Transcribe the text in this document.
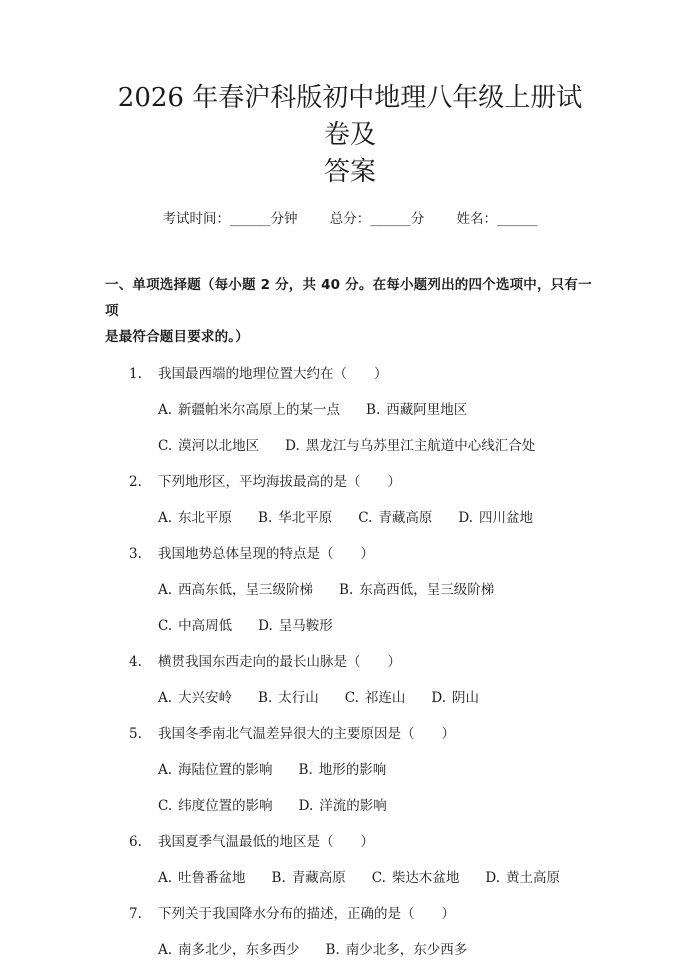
2026 年春沪科版初中地理八年级上册试卷及
答案
考试时间：______分钟 总分：______分 姓名：______
一、单项选择题（每小题 2 分，共 40 分。在每小题列出的四个选项中，只有一项
是最符合题目要求的。）
1. 我国最西端的地理位置大约在（　　）
A. 新疆帕米尔高原上的某一点 B. 西藏阿里地区
C. 漠河以北地区 D. 黑龙江与乌苏里江主航道中心线汇合处
2. 下列地形区，平均海拔最高的是（　　）
A. 东北平原 B. 华北平原 C. 青藏高原 D. 四川盆地
3. 我国地势总体呈现的特点是（　　）
A. 西高东低，呈三级阶梯 B. 东高西低，呈三级阶梯
C. 中高周低 D. 呈马鞍形
4. 横贯我国东西走向的最长山脉是（　　）
A. 大兴安岭 B. 太行山 C. 祁连山 D. 阴山
5. 我国冬季南北气温差异很大的主要原因是（　　）
A. 海陆位置的影响 B. 地形的影响
C. 纬度位置的影响 D. 洋流的影响
6. 我国夏季气温最低的地区是（　　）
A. 吐鲁番盆地 B. 青藏高原 C. 柴达木盆地 D. 黄土高原
7. 下列关于我国降水分布的描述，正确的是（　　）
A. 南多北少，东多西少 B. 南少北多，东少西多
